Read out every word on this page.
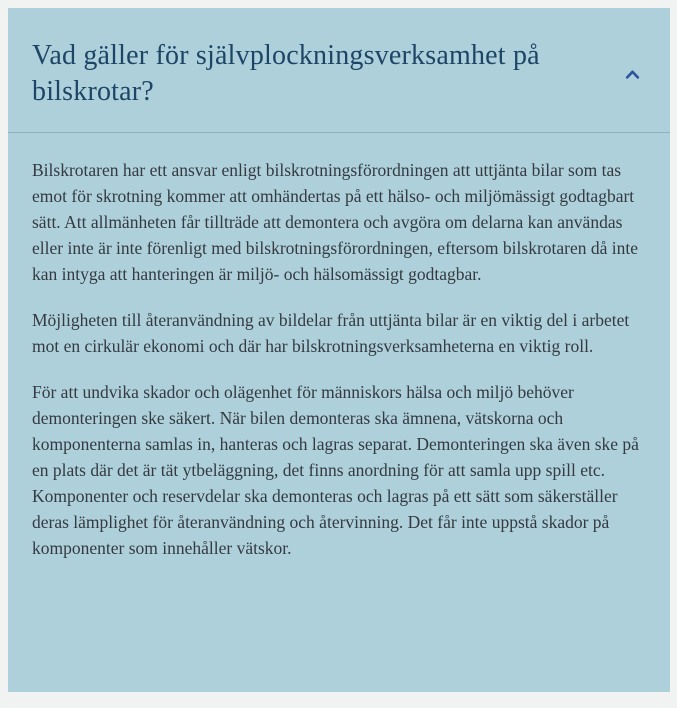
Vad gäller för självplockningsverksamhet på bilskrotar?

Bilskrotaren har ett ansvar enligt bilskrotningsförordningen att uttjänta bilar som tas emot för skrotning kommer att omhändertas på ett hälso- och miljömässigt godtagbart sätt. Att allmänheten får tillträde att demontera och avgöra om delarna kan användas eller inte är inte förenligt med bilskrotningsförordningen, eftersom bilskrotaren då inte kan intyga att hanteringen är miljö- och hälsomässigt godtagbar.

Möjligheten till återanvändning av bildelar från uttjänta bilar är en viktig del i arbetet mot en cirkulär ekonomi och där har bilskrotningsverksamheterna en viktig roll.

För att undvika skador och olägenhet för människors hälsa och miljö behöver demonteringen ske säkert. När bilen demonteras ska ämnena, vätskorna och komponenterna samlas in, hanteras och lagras separat. Demonteringen ska även ske på en plats där det är tät ytbeläggning, det finns anordning för att samla upp spill etc. Komponenter och reservdelar ska demonteras och lagras på ett sätt som säkerställer deras lämplighet för återanvändning och återvinning. Det får inte uppstå skador på komponenter som innehåller vätskor.
